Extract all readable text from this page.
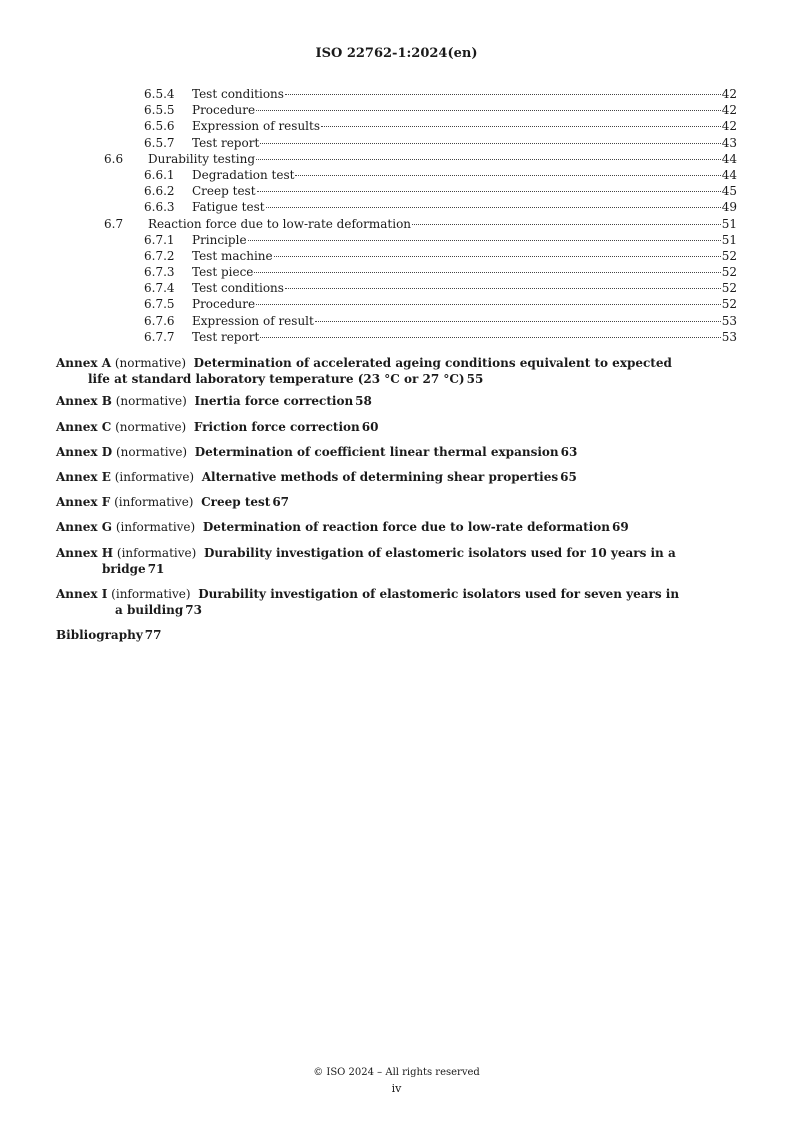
ISO 22762-1:2024(en)
6.5.4	Test conditions	42
6.5.5	Procedure	42
6.5.6	Expression of results	42
6.5.7	Test report	43
6.6	Durability testing	44
6.6.1	Degradation test	44
6.6.2	Creep test	45
6.6.3	Fatigue test	49
6.7	Reaction force due to low-rate deformation	51
6.7.1	Principle	51
6.7.2	Test machine	52
6.7.3	Test piece	52
6.7.4	Test conditions	52
6.7.5	Procedure	52
6.7.6	Expression of result	53
6.7.7	Test report	53
Annex A (normative) Determination of accelerated ageing conditions equivalent to expected
life at standard laboratory temperature (23 °C or 27 °C) 55
Annex B (normative) Inertia force correction 58
Annex C (normative) Friction force correction 60
Annex D (normative) Determination of coefficient linear thermal expansion 63
Annex E (informative) Alternative methods of determining shear properties 65
Annex F (informative) Creep test 67
Annex G (informative) Determination of reaction force due to low-rate deformation 69
Annex H (informative) Durability investigation of elastomeric isolators used for 10 years in a
bridge 71
Annex I (informative) Durability investigation of elastomeric isolators used for seven years in
a building 73
Bibliography 77
© ISO 2024 – All rights reserved
iv
